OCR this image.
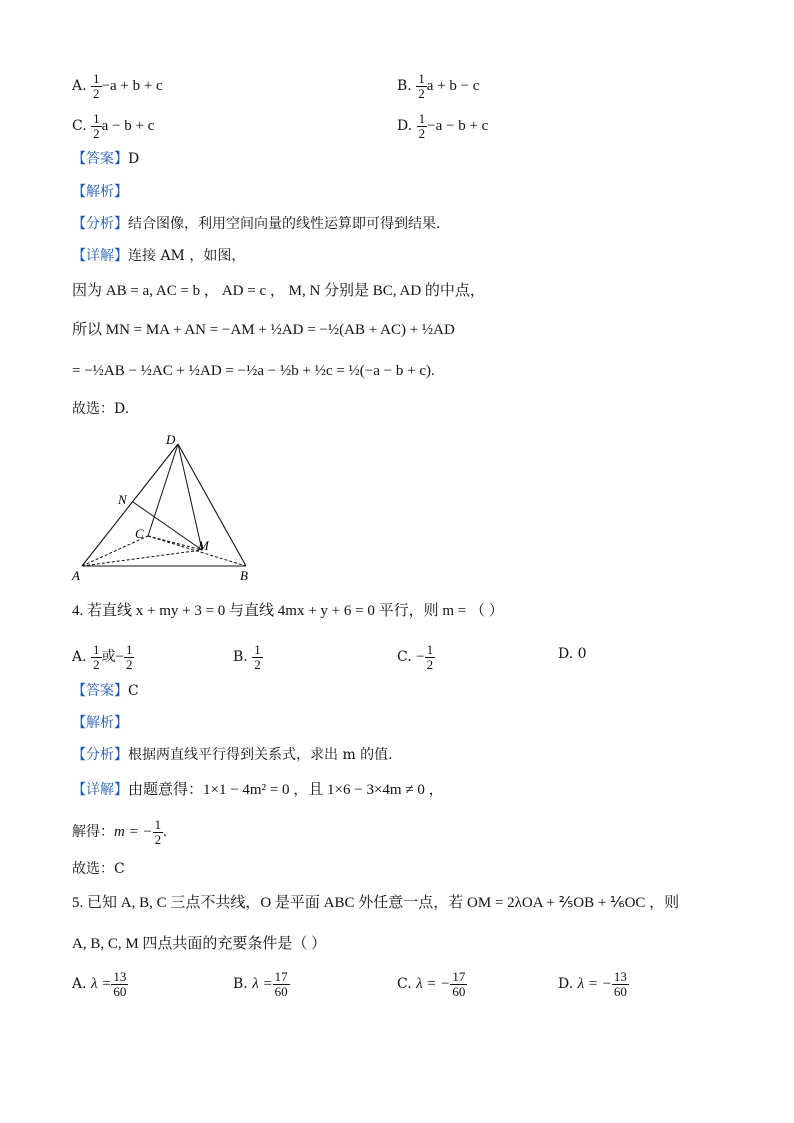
A. $\frac{1}{2} -a + b + c$	B. $\frac{1}{2}$ a + b − c
C. $\frac{1}{2}$ a − b + c	D. $\frac{1}{2} -a - b + c$
【答案】D
【解析】
【分析】结合图像，利用空间向量的线性运算即可得到结果.
【详解】连接 AM ，如图，
因为 AB = a, AC = b ， AD = c ， M, N 分别是 BC, AD 的中点，
所以 MN = MA + AN = −AM + ½AD = −½(AB + AC) + ½AD
= −½AB − ½AC + ½AD = −½a − ½b + ½c = ½(−a − b + c).
故选：D.
A	B
D
C
M
N
4. 若直线 x + my + 3 = 0 与直线 4mx + y + 6 = 0 平行，则 m = （ ）
A. $\frac{1}{2}$ 或− $\frac{1}{2}$	B. $\frac{1}{2}$	C. − $\frac{1}{2}$	D. 0
【答案】C
【解析】
【分析】根据两直线平行得到关系式，求出 m 的值.
【详解】由题意得：1×1 − 4m² = 0 ，且 1×6 − 3×4m ≠ 0 ，
解得：m = − $\frac{1}{2}$ .
故选：C
5. 已知 A, B, C 三点不共线，O 是平面 ABC 外任意一点，若 OM = 2λOA + ⅖OB + ⅙OC ，则
A, B, C, M 四点共面的充要条件是（ ）
A. $\lambda = \frac{13}{60}$	B. $\lambda = \frac{17}{60}$	C. λ = − $\frac{17}{60}$	D. λ = − $\frac{13}{60}$
